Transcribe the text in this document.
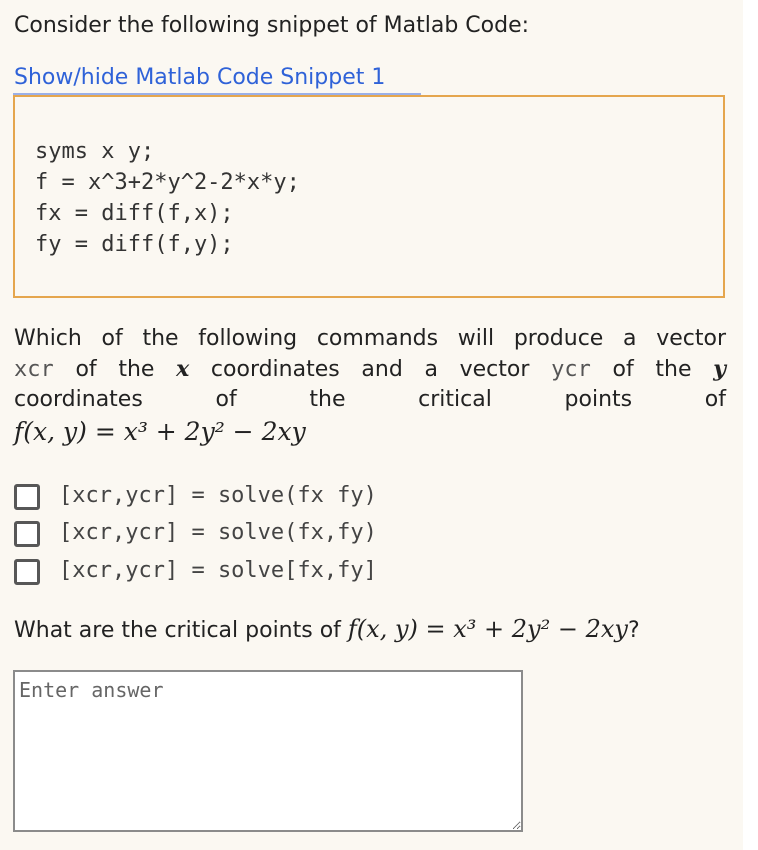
Consider the following snippet of Matlab Code:
Show/hide Matlab Code Snippet 1
syms x y;
f = x^3+2*y^2-2*x*y;
fx = diff(f,x);
fy = diff(f,y);
Which of the following commands will produce a vector
xcr of the x coordinates and a vector ycr of the y
coordinates of the critical points of
f(x, y) = x³ + 2y² − 2xy
[xcr,ycr] = solve(fx fy)
[xcr,ycr] = solve(fx,fy)
[xcr,ycr] = solve[fx,fy]
What are the critical points of f(x, y) = x³ + 2y² − 2xy?
Enter answer
